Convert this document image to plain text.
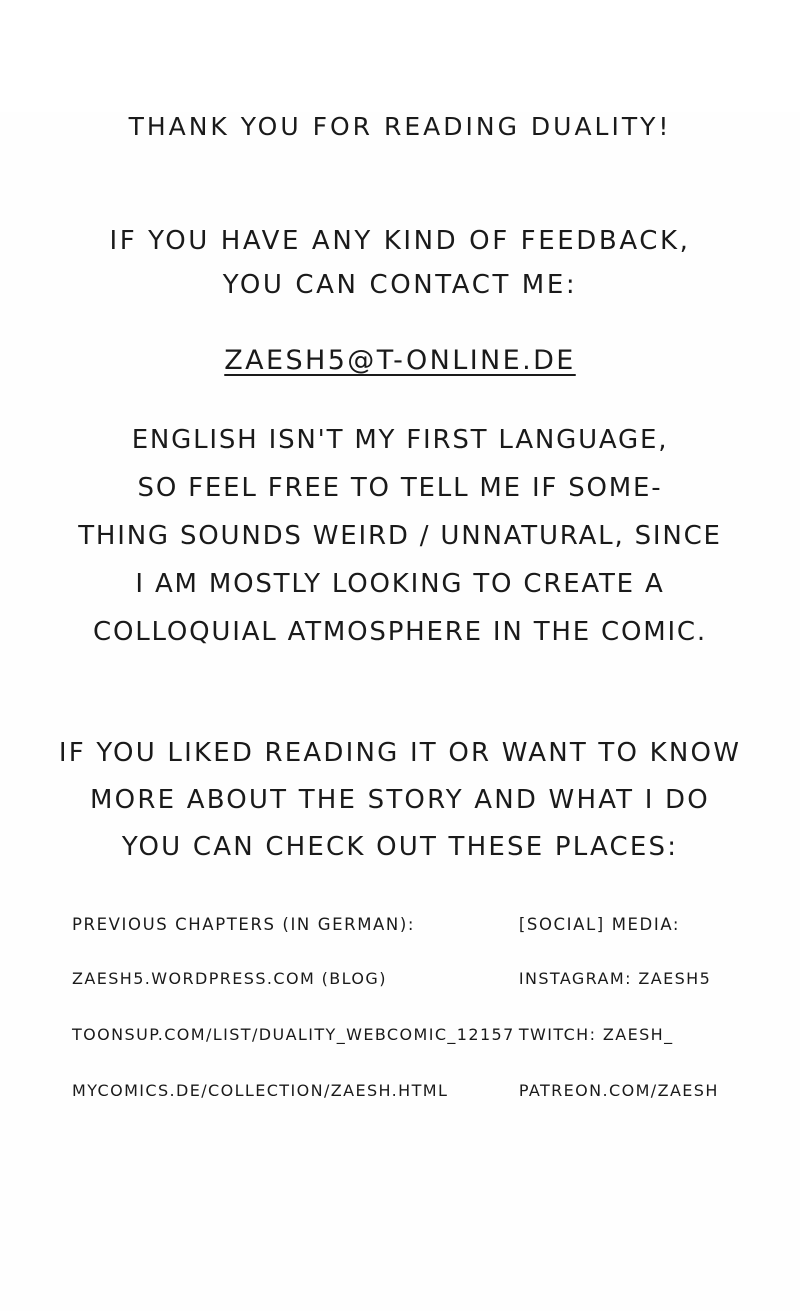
THANK YOU FOR READING DUALITY!
IF YOU HAVE ANY KIND OF FEEDBACK,
YOU CAN CONTACT ME:
ZAESH5@T-ONLINE.DE
ENGLISH ISN'T MY FIRST LANGUAGE,
SO FEEL FREE TO TELL ME IF SOME-
THING SOUNDS WEIRD / UNNATURAL, SINCE
I AM MOSTLY LOOKING TO CREATE A
COLLOQUIAL ATMOSPHERE IN THE COMIC.
IF YOU LIKED READING IT OR WANT TO KNOW
MORE ABOUT THE STORY AND WHAT I DO
YOU CAN CHECK OUT THESE PLACES:
PREVIOUS CHAPTERS (IN GERMAN):
ZAESH5.WORDPRESS.COM (BLOG)
TOONSUP.COM/LIST/DUALITY_WEBCOMIC_12157
MYCOMICS.DE/COLLECTION/ZAESH.HTML
[SOCIAL] MEDIA:
INSTAGRAM: ZAESH5
TWITCH: ZAESH_
PATREON.COM/ZAESH
